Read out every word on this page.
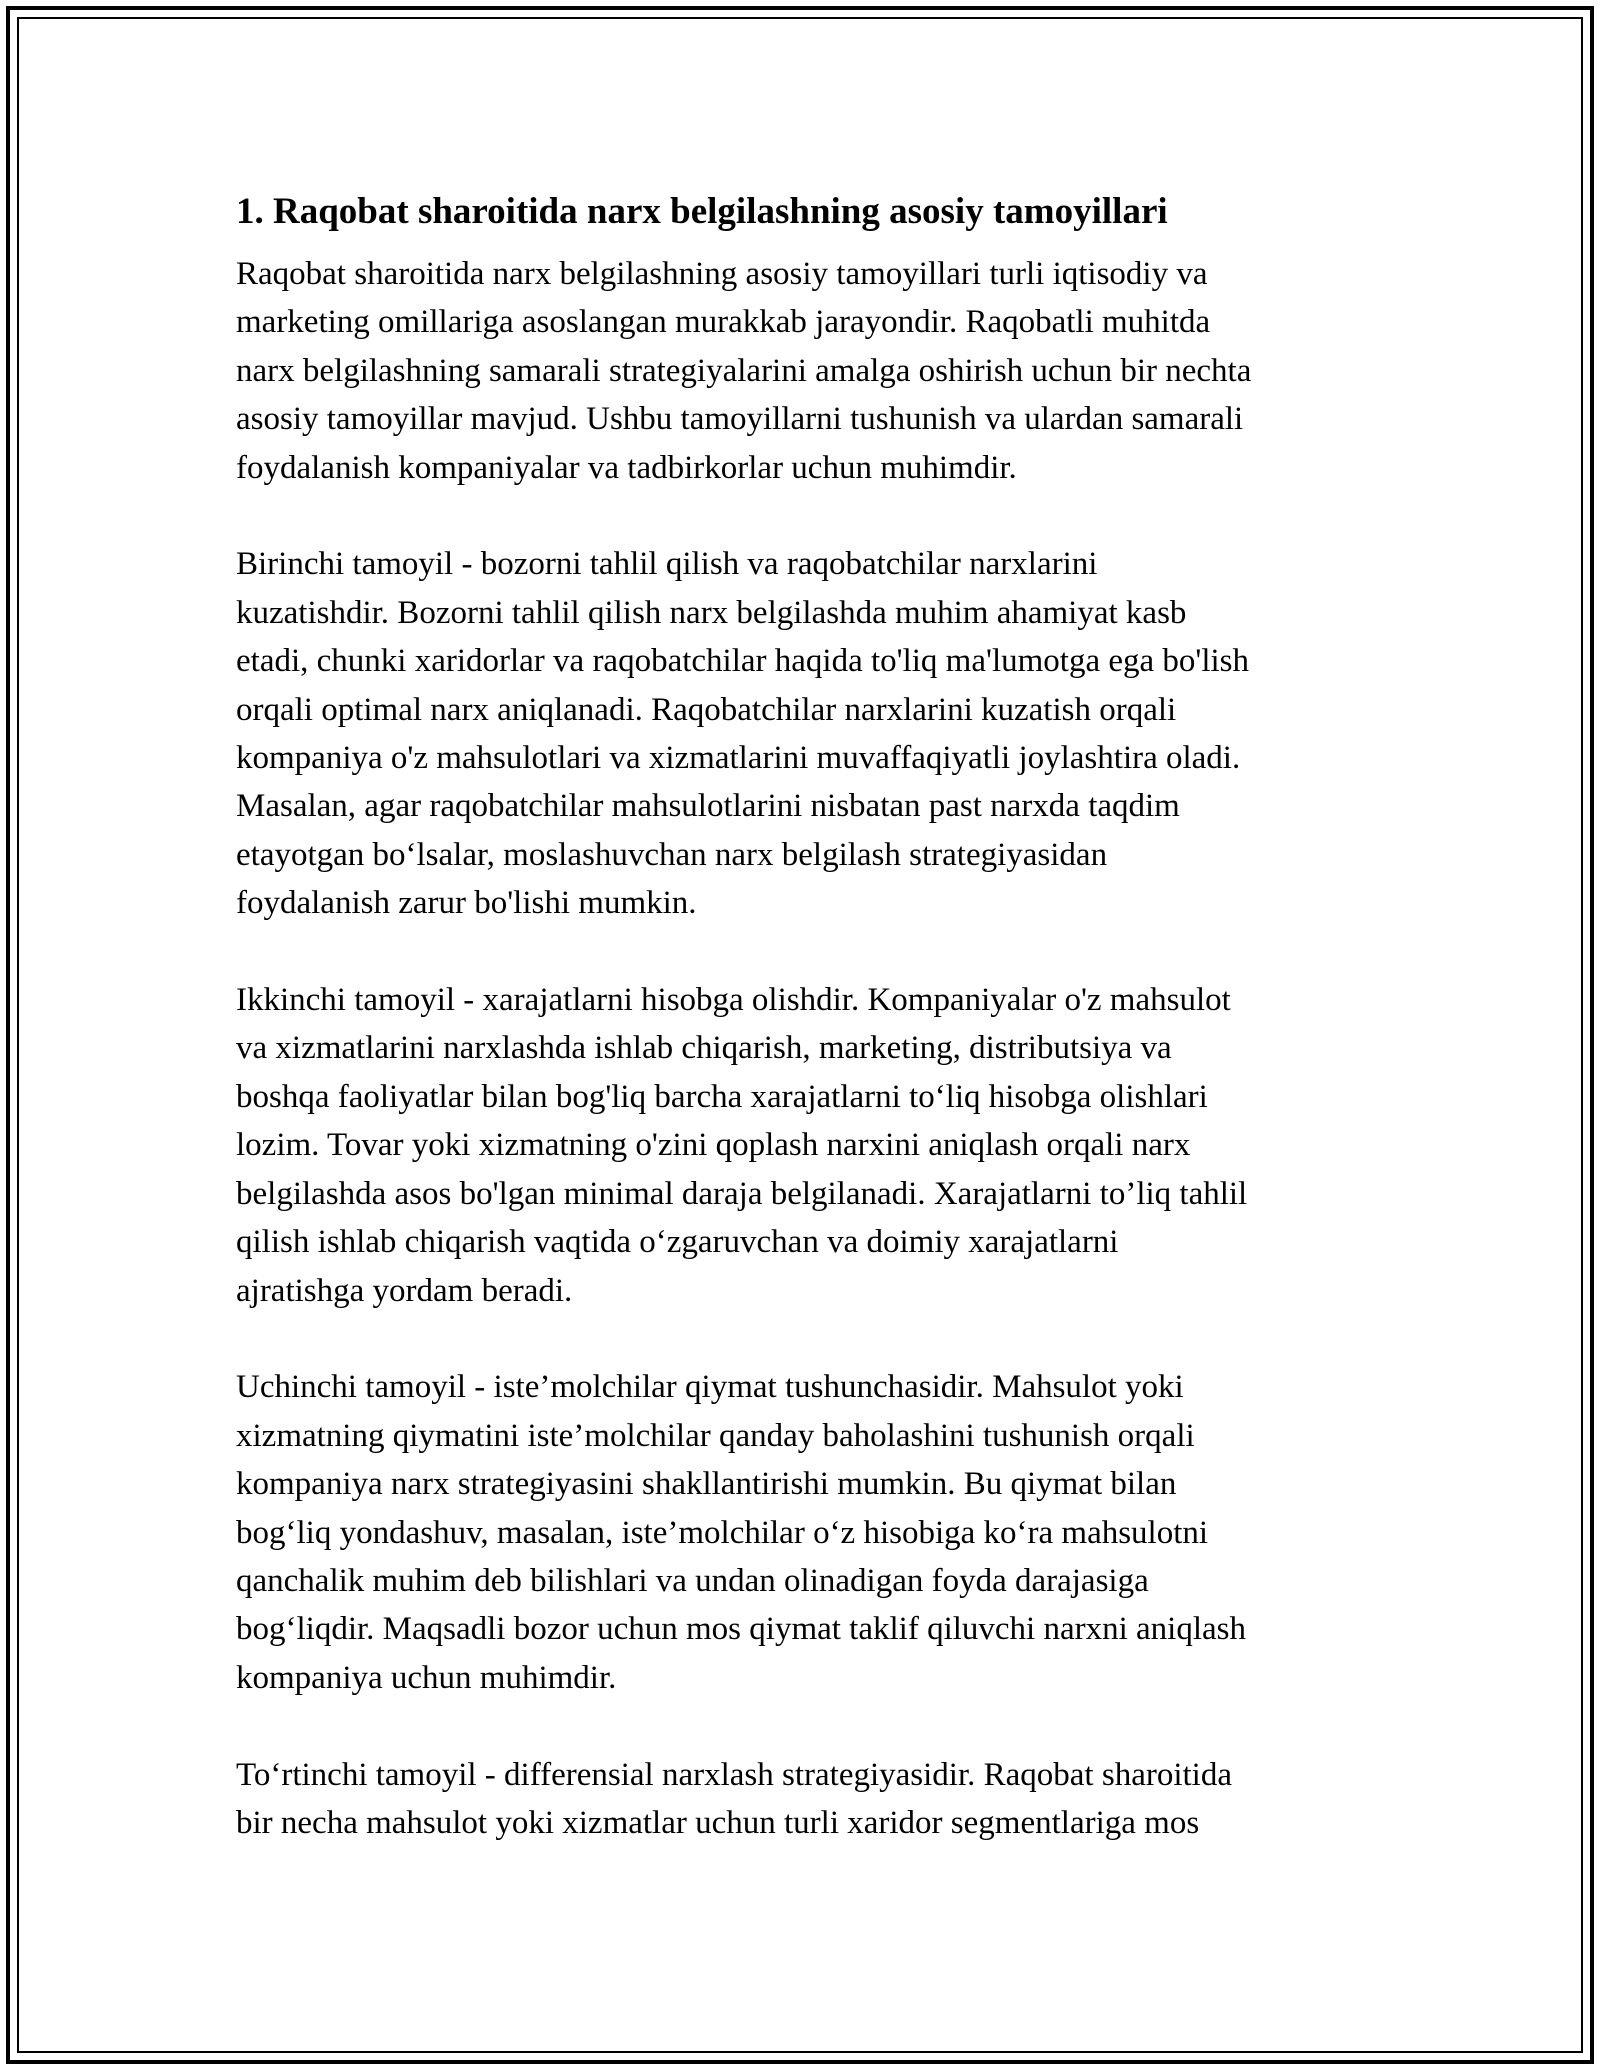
1. Raqobat sharoitida narx belgilashning asosiy tamoyillari

Raqobat sharoitida narx belgilashning asosiy tamoyillari turli iqtisodiy va
marketing omillariga asoslangan murakkab jarayondir. Raqobatli muhitda
narx belgilashning samarali strategiyalarini amalga oshirish uchun bir nechta
asosiy tamoyillar mavjud. Ushbu tamoyillarni tushunish va ulardan samarali
foydalanish kompaniyalar va tadbirkorlar uchun muhimdir.

Birinchi tamoyil - bozorni tahlil qilish va raqobatchilar narxlarini
kuzatishdir. Bozorni tahlil qilish narx belgilashda muhim ahamiyat kasb
etadi, chunki xaridorlar va raqobatchilar haqida to'liq ma'lumotga ega bo'lish
orqali optimal narx aniqlanadi. Raqobatchilar narxlarini kuzatish orqali
kompaniya o'z mahsulotlari va xizmatlarini muvaffaqiyatli joylashtira oladi.
Masalan, agar raqobatchilar mahsulotlarini nisbatan past narxda taqdim
etayotgan bo‘lsalar, moslashuvchan narx belgilash strategiyasidan
foydalanish zarur bo'lishi mumkin.

Ikkinchi tamoyil - xarajatlarni hisobga olishdir. Kompaniyalar o'z mahsulot
va xizmatlarini narxlashda ishlab chiqarish, marketing, distributsiya va
boshqa faoliyatlar bilan bog'liq barcha xarajatlarni to‘liq hisobga olishlari
lozim. Tovar yoki xizmatning o'zini qoplash narxini aniqlash orqali narx
belgilashda asos bo'lgan minimal daraja belgilanadi. Xarajatlarni to’liq tahlil
qilish ishlab chiqarish vaqtida o‘zgaruvchan va doimiy xarajatlarni
ajratishga yordam beradi.

Uchinchi tamoyil - iste’molchilar qiymat tushunchasidir. Mahsulot yoki
xizmatning qiymatini iste’molchilar qanday baholashini tushunish orqali
kompaniya narx strategiyasini shakllantirishi mumkin. Bu qiymat bilan
bog‘liq yondashuv, masalan, iste’molchilar o‘z hisobiga ko‘ra mahsulotni
qanchalik muhim deb bilishlari va undan olinadigan foyda darajasiga
bog‘liqdir. Maqsadli bozor uchun mos qiymat taklif qiluvchi narxni aniqlash
kompaniya uchun muhimdir.

To‘rtinchi tamoyil - differensial narxlash strategiyasidir. Raqobat sharoitida
bir necha mahsulot yoki xizmatlar uchun turli xaridor segmentlariga mos
